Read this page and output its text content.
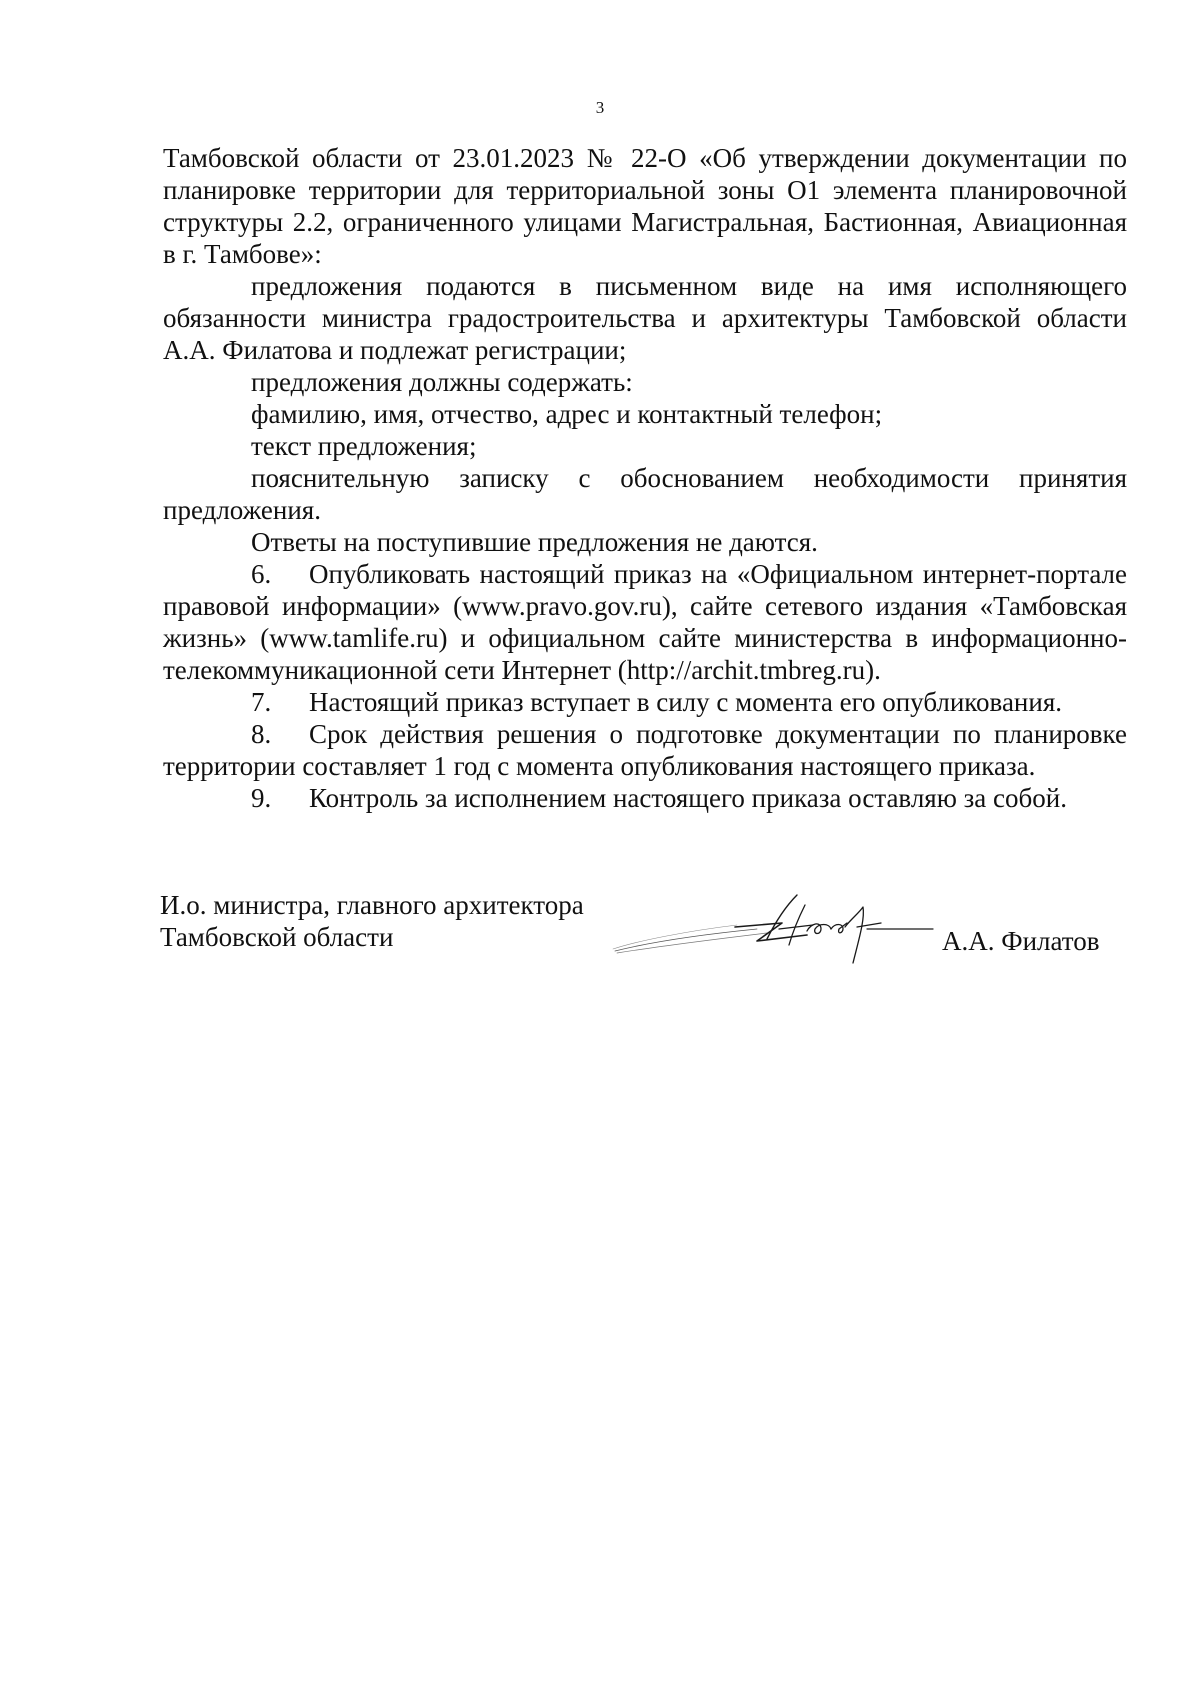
3

Тамбовской области от 23.01.2023 № 22-О «Об утверждении документации по планировке территории для территориальной зоны О1 элемента планировочной структуры 2.2, ограниченного улицами Магистральная, Бастионная, Авиационная в г. Тамбове»:

предложения подаются в письменном виде на имя исполняющего обязанности министра градостроительства и архитектуры Тамбовской области А.А. Филатова и подлежат регистрации;

предложения должны содержать:

фамилию, имя, отчество, адрес и контактный телефон;

текст предложения;

пояснительную записку с обоснованием необходимости принятия предложения.

Ответы на поступившие предложения не даются.

6. Опубликовать настоящий приказ на «Официальном интернет-портале правовой информации» (www.pravo.gov.ru), сайте сетевого издания «Тамбовская жизнь» (www.tamlife.ru) и официальном сайте министерства в информационно-телекоммуникационной сети Интернет (http://archit.tmbreg.ru).

7. Настоящий приказ вступает в силу с момента его опубликования.

8. Срок действия решения о подготовке документации по планировке территории составляет 1 год с момента опубликования настоящего приказа.

9. Контроль за исполнением настоящего приказа оставляю за собой.

И.о. министра, главного архитектора
Тамбовской области	А.А. Филатов
